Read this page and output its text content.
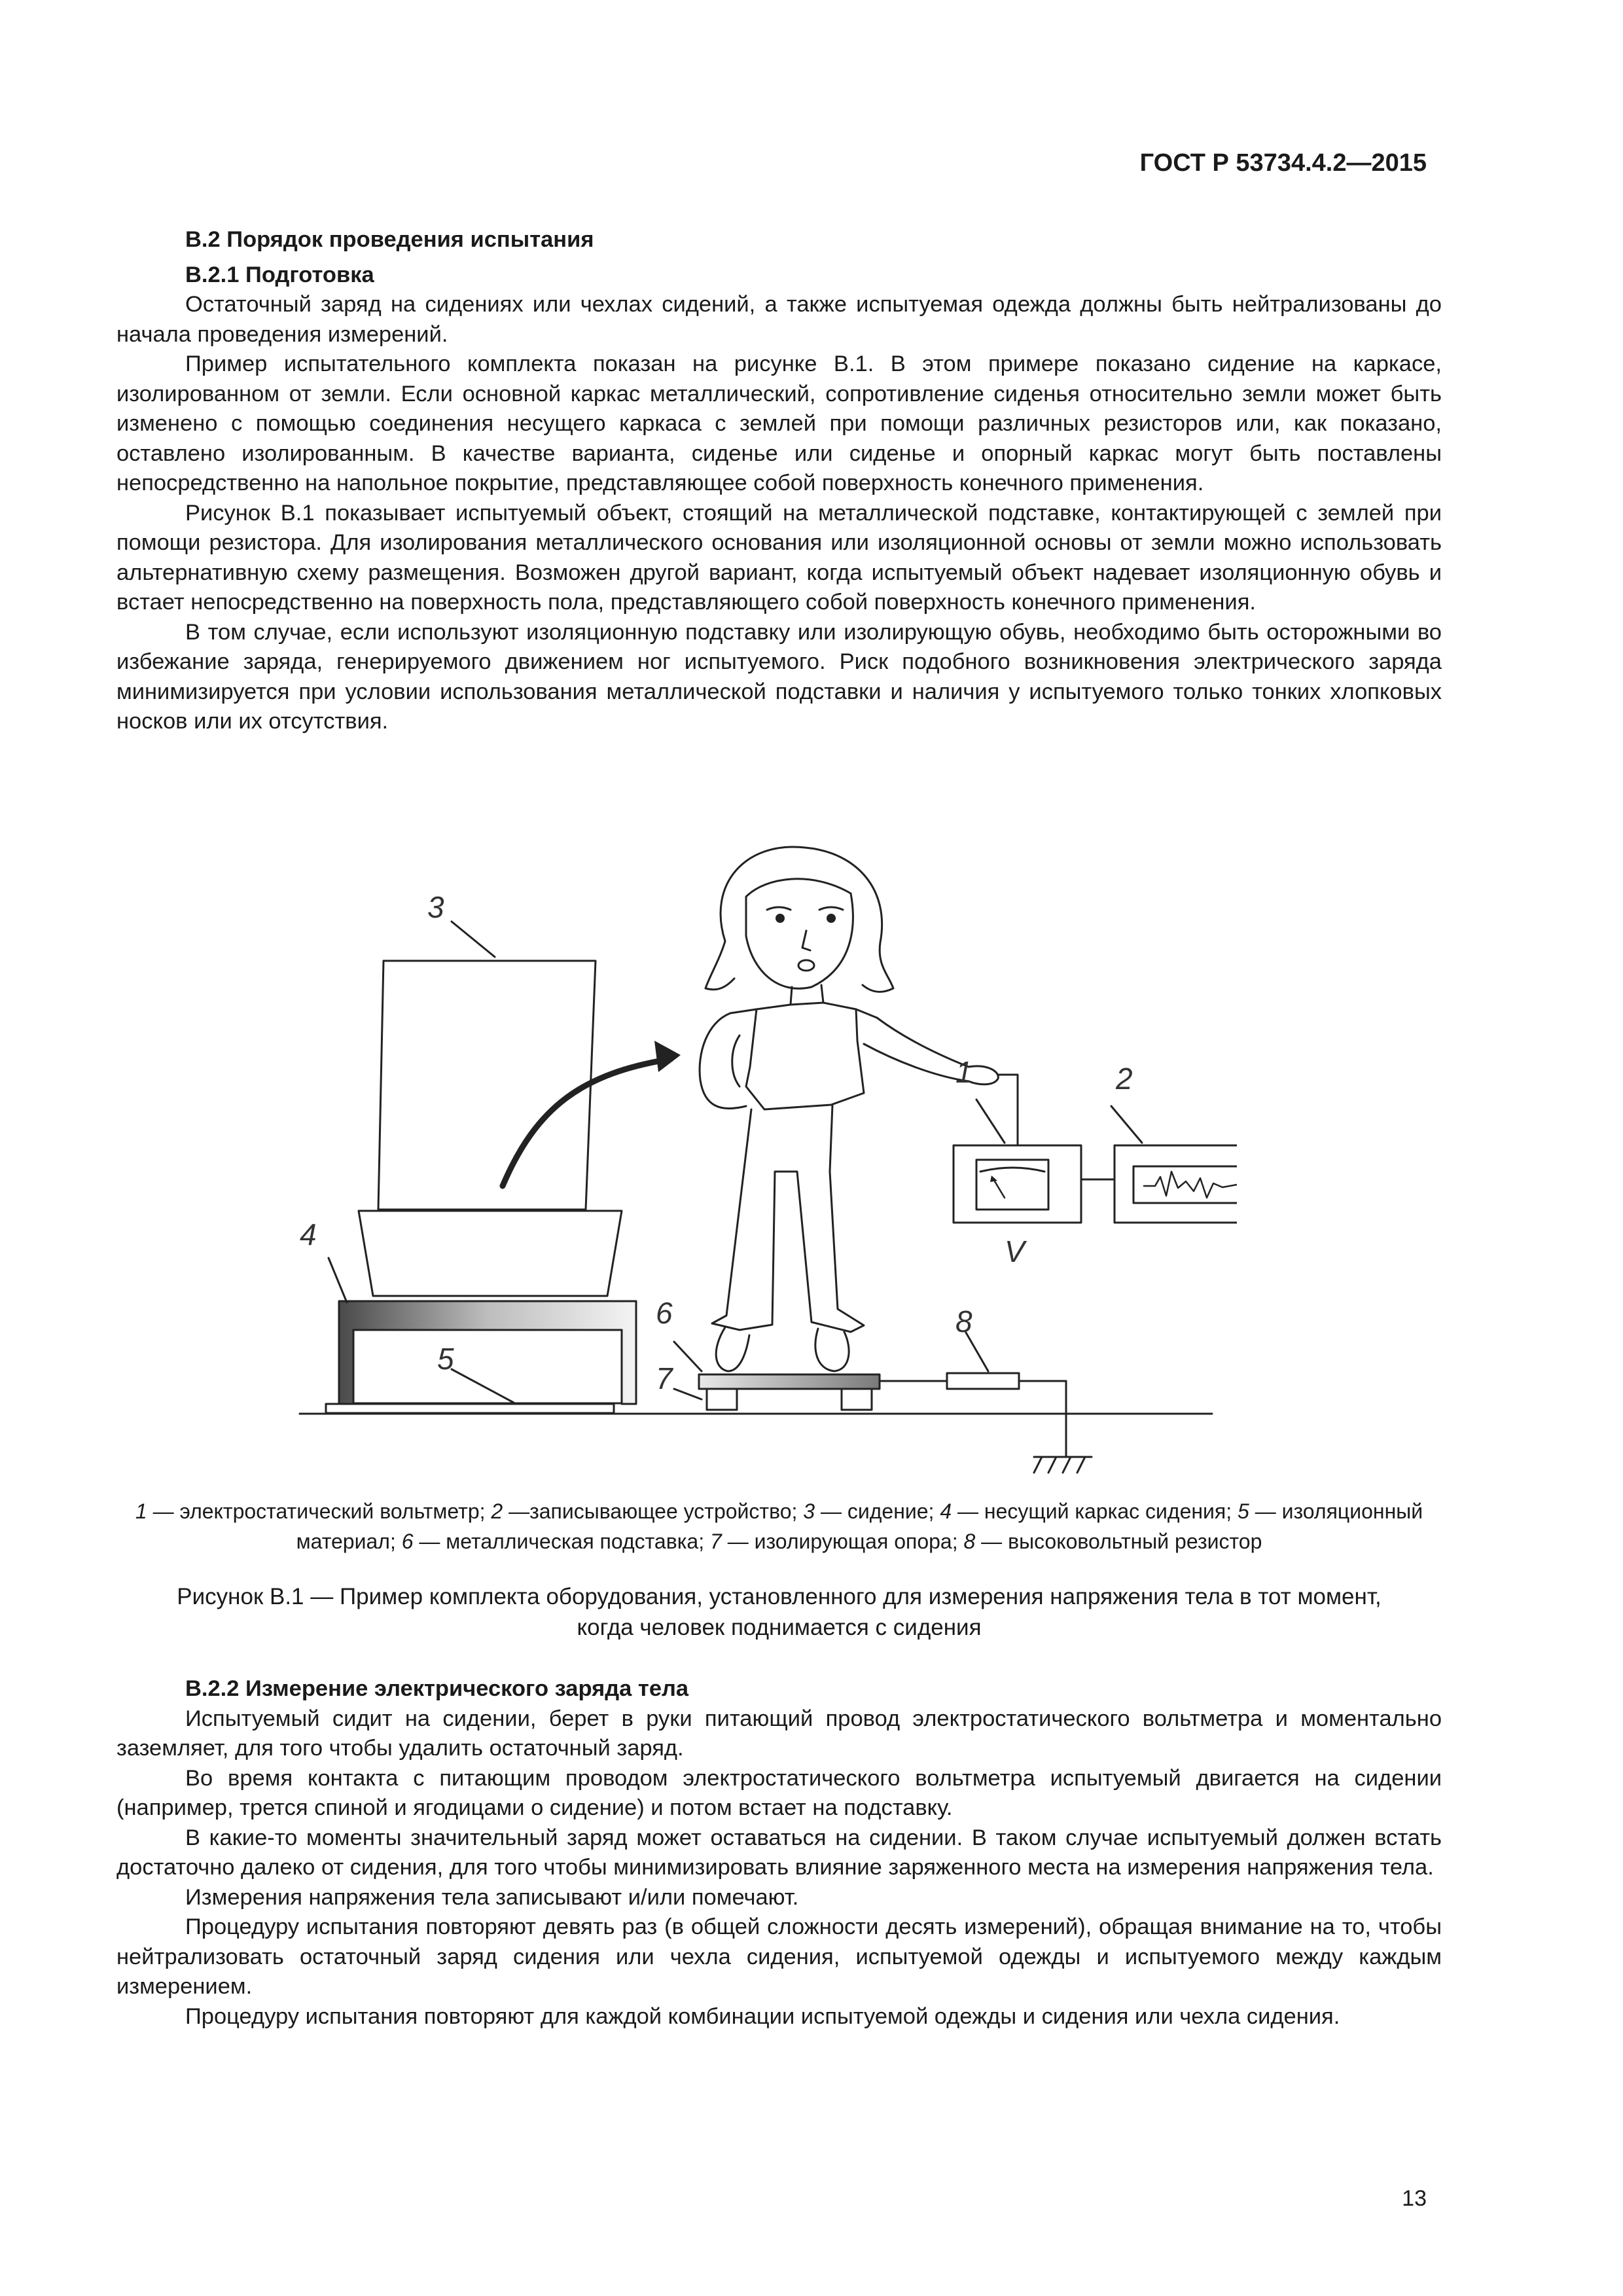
ГОСТ Р 53734.4.2—2015

В.2 Порядок проведения испытания

В.2.1 Подготовка

Остаточный заряд на сидениях или чехлах сидений, а также испытуемая одежда должны быть нейтрализованы до начала проведения измерений.

Пример испытательного комплекта показан на рисунке В.1. В этом примере показано сидение на каркасе, изолированном от земли. Если основной каркас металлический, сопротивление сиденья относительно земли может быть изменено с помощью соединения несущего каркаса с землей при помощи различных резисторов или, как показано, оставлено изолированным. В качестве варианта, сиденье или сиденье и опорный каркас могут быть поставлены непосредственно на напольное покрытие, представляющее собой поверхность конечного применения.

Рисунок В.1 показывает испытуемый объект, стоящий на металлической подставке, контактирующей с землей при помощи резистора. Для изолирования металлического основания или изоляционной основы от земли можно использовать альтернативную схему размещения. Возможен другой вариант, когда испытуемый объект надевает изоляционную обувь и встает непосредственно на поверхность пола, представляющего собой поверхность конечного применения.

В том случае, если используют изоляционную подставку или изолирующую обувь, необходимо быть осторожными во избежание заряда, генерируемого движением ног испытуемого. Риск подобного возникновения электрического заряда минимизируется при условии использования металлической подставки и наличия у испытуемого только тонких хлопковых носков или их отсутствия.

3
4
5
6
7
1	2
8
V
1 — электростатический вольтметр; 2 —записывающее устройство; 3 — сидение; 4 — несущий каркас сидения; 5 — изоляционный материал; 6 — металлическая подставка; 7 — изолирующая опора; 8 — высоковольтный резистор
Рисунок В.1 — Пример комплекта оборудования, установленного для измерения напряжения тела в тот момент,
когда человек поднимается с сидения

В.2.2 Измерение электрического заряда тела

Испытуемый сидит на сидении, берет в руки питающий провод электростатического вольтметра и моментально заземляет, для того чтобы удалить остаточный заряд.

Во время контакта с питающим проводом электростатического вольтметра испытуемый двигается на сидении (например, трется спиной и ягодицами о сидение) и потом встает на подставку.

В какие-то моменты значительный заряд может оставаться на сидении. В таком случае испытуемый должен встать достаточно далеко от сидения, для того чтобы минимизировать влияние заряженного места на измерения напряжения тела.

Измерения напряжения тела записывают и/или помечают.

Процедуру испытания повторяют девять раз (в общей сложности десять измерений), обращая внимание на то, чтобы нейтрализовать остаточный заряд сидения или чехла сидения, испытуемой одежды и испытуемого между каждым измерением.

Процедуру испытания повторяют для каждой комбинации испытуемой одежды и сидения или чехла сидения.

13
